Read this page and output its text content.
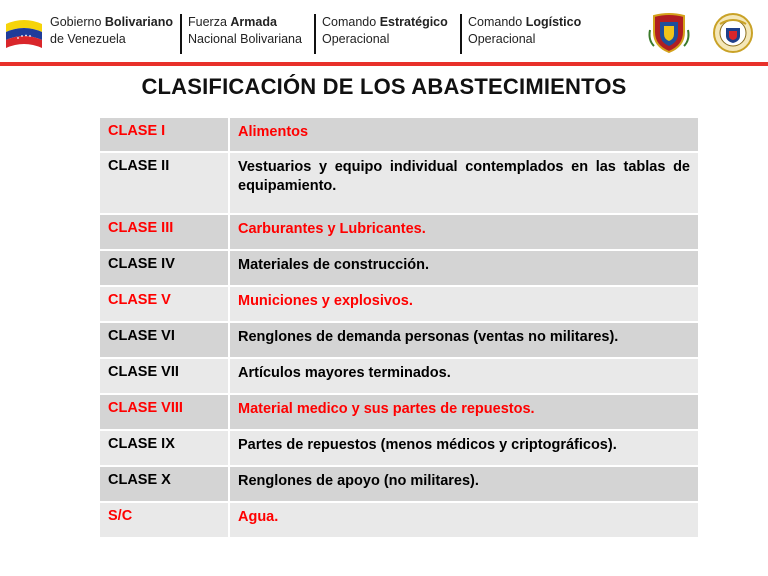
Gobierno Bolivariano
de Venezuela
Fuerza Armada
Nacional Bolivariana
Comando Estratégico
Operacional
Comando Logístico
Operacional
CLASIFICACIÓN DE LOS ABASTECIMIENTOS
CLASE I	Alimentos
CLASE II	Vestuarios y equipo individual contemplados en las tablas de equipamiento.
CLASE III	Carburantes y Lubricantes.
CLASE IV	Materiales de construcción.
CLASE V	Municiones y explosivos.
CLASE VI	Renglones de demanda personas (ventas no militares).
CLASE VII	Artículos mayores terminados.
CLASE VIII	Material medico y sus partes de repuestos.
CLASE IX	Partes de repuestos (menos médicos y criptográficos).
CLASE X	Renglones de apoyo (no militares).
S/C	Agua.
